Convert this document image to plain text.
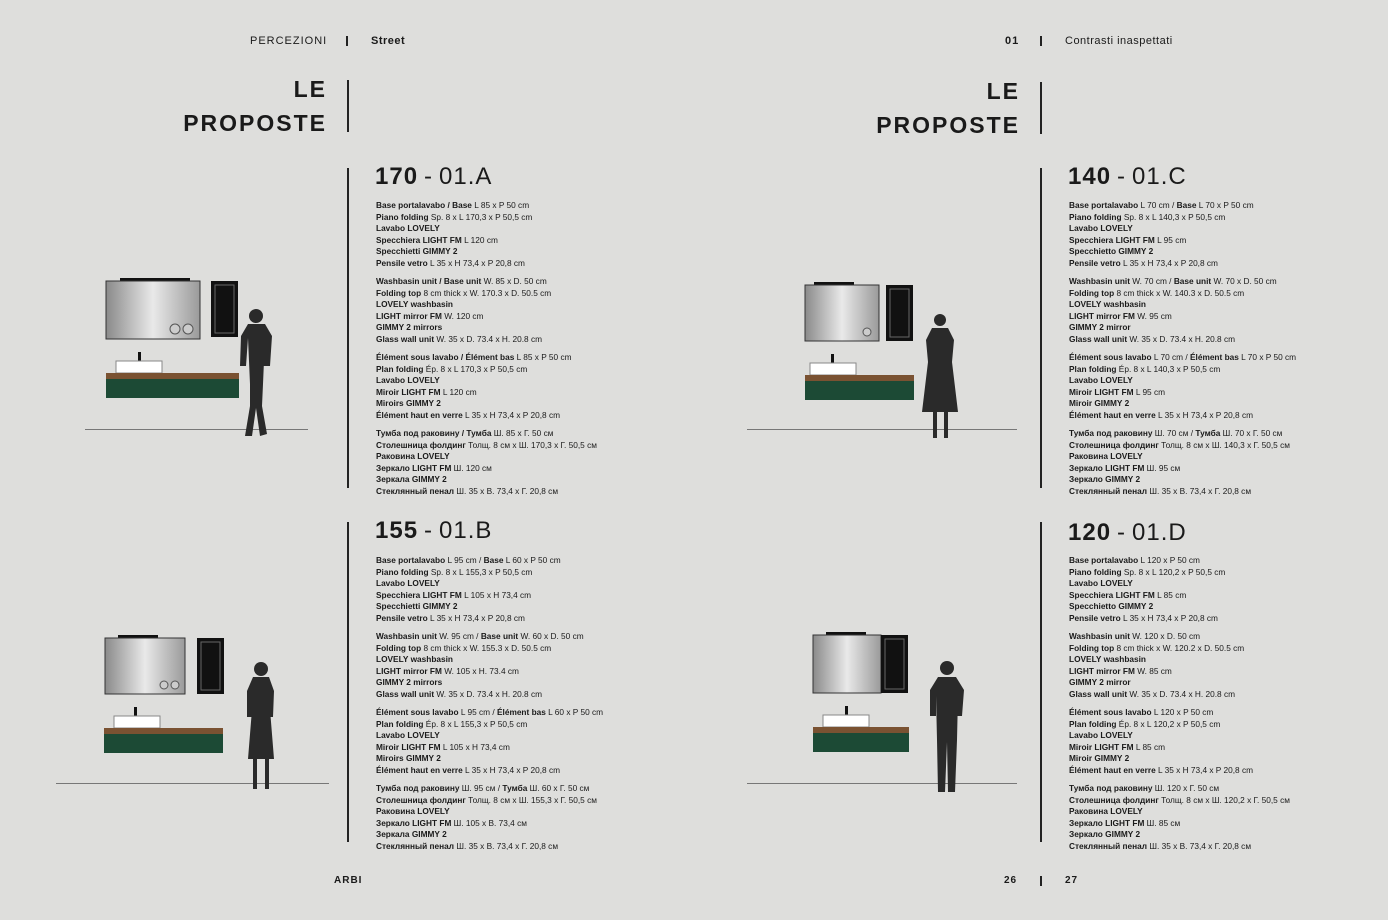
PERCEZIONI	Street	01	Contrasti inaspettati
LE
PROPOSTE
LE
PROPOSTE
170 - 01.A
155 - 01.B
140 - 01.C
120 - 01.D
Base portalavabo / Base L 85 x P 50 cm
Piano folding Sp. 8 x L 170,3 x P 50,5 cm
Lavabo LOVELY
Specchiera LIGHT FM L 120 cm
Specchietti GIMMY 2
Pensile vetro L 35 x H 73,4 x P 20,8 cm
Washbasin unit / Base unit W. 85 x D. 50 cm
Folding top 8 cm thick x W. 170.3 x D. 50.5 cm
LOVELY washbasin
LIGHT mirror FM W. 120 cm
GIMMY 2 mirrors
Glass wall unit W. 35 x D. 73.4 x H. 20.8 cm
Élément sous lavabo / Élément bas L 85 x P 50 cm
Plan folding Ép. 8 x L 170,3 x P 50,5 cm
Lavabo LOVELY
Miroir LIGHT FM L 120 cm
Miroirs GIMMY 2
Élément haut en verre L 35 x H 73,4 x P 20,8 cm
Тумба под раковину / Тумба Ш. 85 x Г. 50 см
Столешница фолдинг Толщ. 8 см x Ш. 170,3 x Г. 50,5 см
Раковина LOVELY
Зеркало LIGHT FM Ш. 120 см
Зеркала GIMMY 2
Стеклянный пенал Ш. 35 x В. 73,4 x Г. 20,8 см
Base portalavabo L 95 cm / Base L 60 x P 50 cm
Piano folding Sp. 8 x L 155,3 x P 50,5 cm
Lavabo LOVELY
Specchiera LIGHT FM L 105 x H 73,4 cm
Specchietti GIMMY 2
Pensile vetro L 35 x H 73,4 x P 20,8 cm
Washbasin unit W. 95 cm / Base unit W. 60 x D. 50 cm
Folding top 8 cm thick x W. 155.3 x D. 50.5 cm
LOVELY washbasin
LIGHT mirror FM W. 105 x H. 73.4 cm
GIMMY 2 mirrors
Glass wall unit W. 35 x D. 73.4 x H. 20.8 cm
Élément sous lavabo L 95 cm / Élément bas L 60 x P 50 cm
Plan folding Ép. 8 x L 155,3 x P 50,5 cm
Lavabo LOVELY
Miroir LIGHT FM L 105 x H 73,4 cm
Miroirs GIMMY 2
Élément haut en verre L 35 x H 73,4 x P 20,8 cm
Тумба под раковину Ш. 95 см / Тумба Ш. 60 x Г. 50 см
Столешница фолдинг Толщ. 8 см x Ш. 155,3 x Г. 50,5 см
Раковина LOVELY
Зеркало LIGHT FM Ш. 105 x В. 73,4 см
Зеркала GIMMY 2
Стеклянный пенал Ш. 35 x В. 73,4 x Г. 20,8 см
Base portalavabo L 70 cm / Base L 70 x P 50 cm
Piano folding Sp. 8 x L 140,3 x P 50,5 cm
Lavabo LOVELY
Specchiera LIGHT FM L 95 cm
Specchietto GIMMY 2
Pensile vetro L 35 x H 73,4 x P 20,8 cm
Washbasin unit W. 70 cm / Base unit W. 70 x D. 50 cm
Folding top 8 cm thick x W. 140.3 x D. 50.5 cm
LOVELY washbasin
LIGHT mirror FM W. 95 cm
GIMMY 2 mirror
Glass wall unit W. 35 x D. 73.4 x H. 20.8 cm
Élément sous lavabo L 70 cm / Élément bas L 70 x P 50 cm
Plan folding Ép. 8 x L 140,3 x P 50,5 cm
Lavabo LOVELY
Miroir LIGHT FM L 95 cm
Miroir GIMMY 2
Élément haut en verre L 35 x H 73,4 x P 20,8 cm
Тумба под раковину Ш. 70 см / Тумба Ш. 70 x Г. 50 см
Столешница фолдинг Толщ. 8 см x Ш. 140,3 x Г. 50,5 см
Раковина LOVELY
Зеркало LIGHT FM Ш. 95 см
Зеркало GIMMY 2
Стеклянный пенал Ш. 35 x В. 73,4 x Г. 20,8 см
Base portalavabo L 120 x P 50 cm
Piano folding Sp. 8 x L 120,2 x P 50,5 cm
Lavabo LOVELY
Specchiera LIGHT FM L 85 cm
Specchietto GIMMY 2
Pensile vetro L 35 x H 73,4 x P 20,8 cm
Washbasin unit W. 120 x D. 50 cm
Folding top 8 cm thick x W. 120.2 x D. 50.5 cm
LOVELY washbasin
LIGHT mirror FM W. 85 cm
GIMMY 2 mirror
Glass wall unit W. 35 x D. 73.4 x H. 20.8 cm
Élément sous lavabo L 120 x P 50 cm
Plan folding Ép. 8 x L 120,2 x P 50,5 cm
Lavabo LOVELY
Miroir LIGHT FM L 85 cm
Miroir GIMMY 2
Élément haut en verre L 35 x H 73,4 x P 20,8 cm
Тумба под раковину Ш. 120 x Г. 50 см
Столешница фолдинг Толщ. 8 см x Ш. 120,2 x Г. 50,5 см
Раковина LOVELY
Зеркало LIGHT FM Ш. 85 см
Зеркало GIMMY 2
Стеклянный пенал Ш. 35 x В. 73,4 x Г. 20,8 см
ARBI	26	27
